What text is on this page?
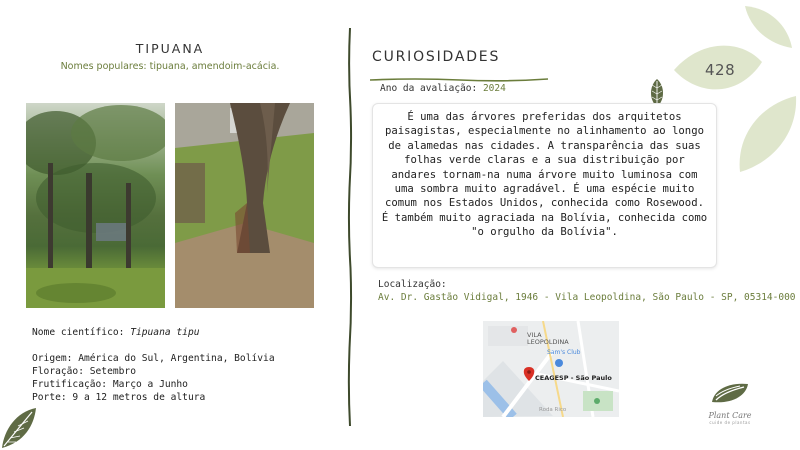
TIPUANA
Nomes populares: tipuana, amendoim-acácia.
Nome científico: Tipuana tipu
Origem: América do Sul, Argentina, Bolívia
Floração: Setembro
Frutificação: Março a Junho
Porte: 9 a 12 metros de altura
CURIOSIDADES
Ano da avaliação: 2024

É uma das árvores preferidas dos arquitetos paisagistas, especialmente no alinhamento ao longo de alamedas nas cidades. A transparência das suas folhas verde claras e a sua distribuição por andares tornam-na numa árvore muito luminosa com uma sombra muito agradável. É uma espécie muito comum nos Estados Unidos, conhecida como Rosewood. É também muito agraciada na Bolívia, conhecida como "o orgulho da Bolívia".

Localização:
Av. Dr. Gastão Vidigal, 1946 - Vila Leopoldina, São Paulo - SP, 05314-000
VILA
LEOPOLDINA
Sam's Club
CEAGESP - São Paulo
Roda Rico
428
Plant Care
cuide de plantas
